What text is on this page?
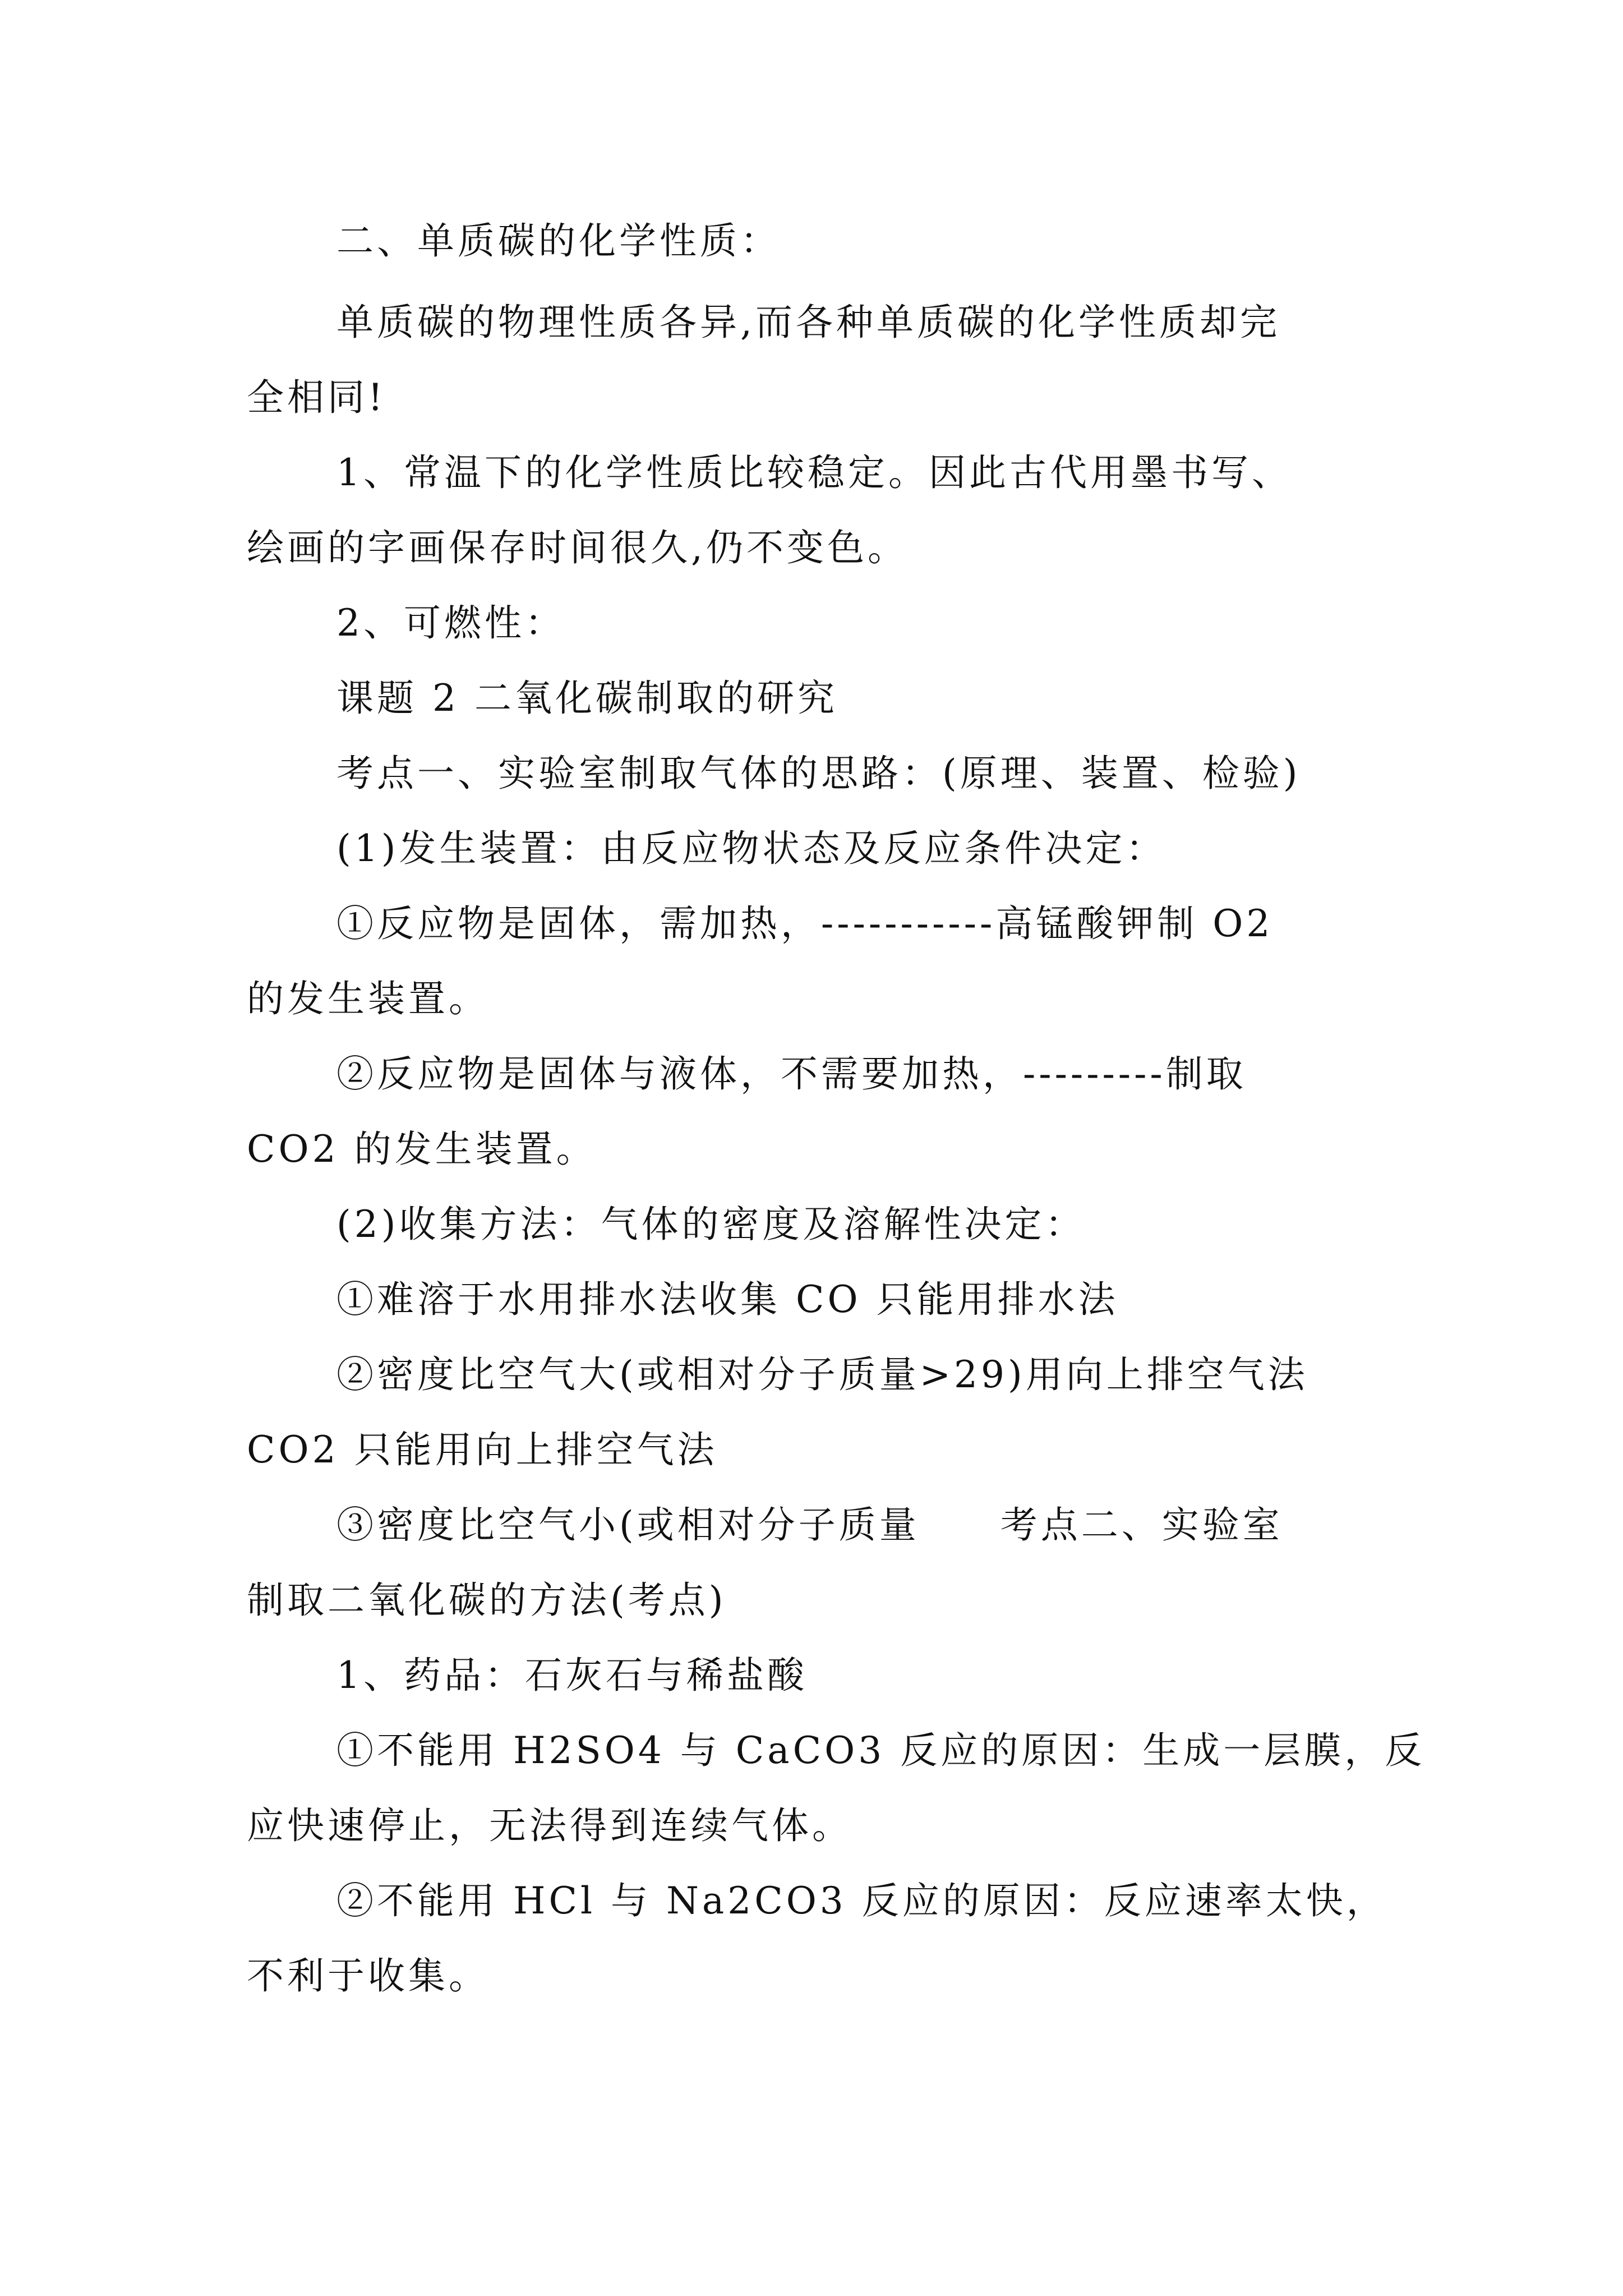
二、单质碳的化学性质：
单质碳的物理性质各异,而各种单质碳的化学性质却完
全相同!
1、常温下的化学性质比较稳定。因此古代用墨书写、
绘画的字画保存时间很久,仍不变色。
2、可燃性：
课题 2 二氧化碳制取的研究
考点一、实验室制取气体的思路：(原理、装置、检验)
(1)发生装置：由反应物状态及反应条件决定：
①反应物是固体，需加热，-----------高锰酸钾制 O2
的发生装置。
②反应物是固体与液体，不需要加热，---------制取
CO2 的发生装置。
(2)收集方法：气体的密度及溶解性决定：
①难溶于水用排水法收集 CO 只能用排水法
②密度比空气大(或相对分子质量>29)用向上排空气法
CO2 只能用向上排空气法
③密度比空气小(或相对分子质量　　考点二、实验室
制取二氧化碳的方法(考点)
1、药品：石灰石与稀盐酸
①不能用 H2SO4 与 CaCO3 反应的原因：生成一层膜，反
应快速停止，无法得到连续气体。
②不能用 HCl 与 Na2CO3 反应的原因：反应速率太快，
不利于收集。
